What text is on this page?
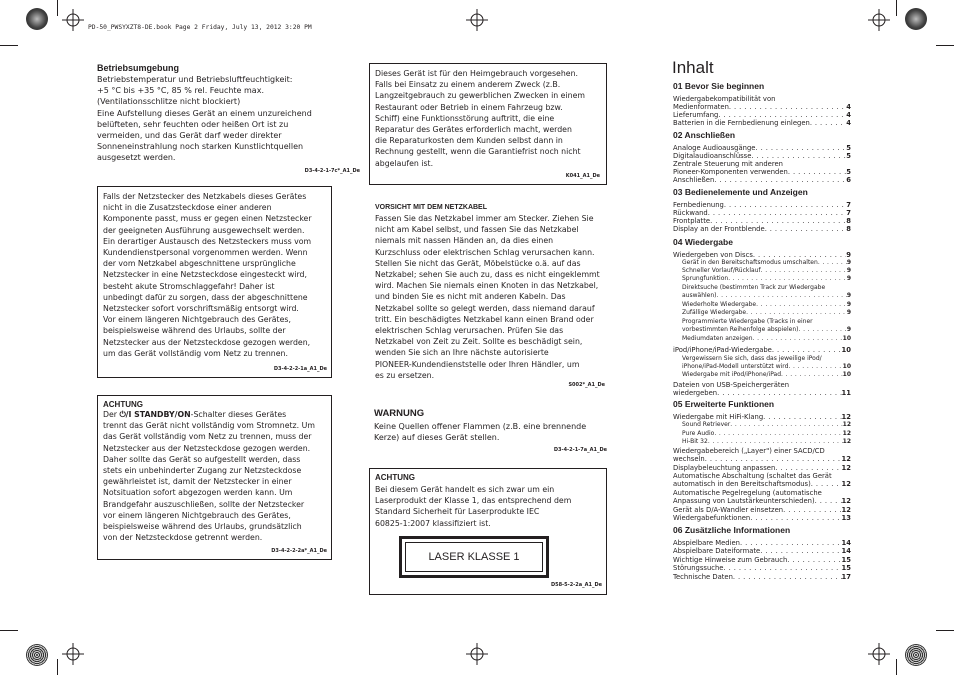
PD-50_PWSYXZT8-DE.book Page 2 Friday, July 13, 2012 3:20 PM
Betriebsumgebung
Betriebstemperatur und Betriebsluftfeuchtigkeit:
+5 °C bis +35 °C, 85 % rel. Feuchte max.
(Ventilationsschlitze nicht blockiert)
Eine Aufstellung dieses Gerät an einem unzureichend
belüfteten, sehr feuchten oder heißen Ort ist zu
vermeiden, und das Gerät darf weder direkter
Sonneneinstrahlung noch starken Kunstlichtquellen
ausgesetzt werden.
D3-4-2-1-7c*_A1_De
Falls der Netzstecker des Netzkabels dieses Gerätes
nicht in die Zusatzsteckdose einer anderen
Komponente passt, muss er gegen einen Netzstecker
der geeigneten Ausführung ausgewechselt werden.
Ein derartiger Austausch des Netzsteckers muss vom
Kundendienstpersonal vorgenommen werden. Wenn
der vom Netzkabel abgeschnittene ursprüngliche
Netzstecker in eine Netzsteckdose eingesteckt wird,
besteht akute Stromschlaggefahr! Daher ist
unbedingt dafür zu sorgen, dass der abgeschnittene
Netzstecker sofort vorschriftsmäßig entsorgt wird.
Vor einem längeren Nichtgebrauch des Gerätes,
beispielsweise während des Urlaubs, sollte der
Netzstecker aus der Netzsteckdose gezogen werden,
um das Gerät vollständig vom Netz zu trennen.
D3-4-2-2-1a_A1_De
ACHTUNG
Der ⏻/I STANDBY/ON-Schalter dieses Gerätes
trennt das Gerät nicht vollständig vom Stromnetz. Um
das Gerät vollständig vom Netz zu trennen, muss der
Netzstecker aus der Netzsteckdose gezogen werden.
Daher sollte das Gerät so aufgestellt werden, dass
stets ein unbehinderter Zugang zur Netzsteckdose
gewährleistet ist, damit der Netzstecker in einer
Notsituation sofort abgezogen werden kann. Um
Brandgefahr auszuschließen, sollte der Netzstecker
vor einem längeren Nichtgebrauch des Gerätes,
beispielsweise während des Urlaubs, grundsätzlich
von der Netzsteckdose getrennt werden.
D3-4-2-2-2a*_A1_De
Dieses Gerät ist für den Heimgebrauch vorgesehen.
Falls bei Einsatz zu einem anderem Zweck (z.B.
Langzeitgebrauch zu gewerblichen Zwecken in einem
Restaurant oder Betrieb in einem Fahrzeug bzw.
Schiff) eine Funktionsstörung auftritt, die eine
Reparatur des Gerätes erforderlich macht, werden
die Reparaturkosten dem Kunden selbst dann in
Rechnung gestellt, wenn die Garantiefrist noch nicht
abgelaufen ist.
K041_A1_De
VORSICHT MIT DEM NETZKABEL
Fassen Sie das Netzkabel immer am Stecker. Ziehen Sie
nicht am Kabel selbst, und fassen Sie das Netzkabel
niemals mit nassen Händen an, da dies einen
Kurzschluss oder elektrischen Schlag verursachen kann.
Stellen Sie nicht das Gerät, Möbelstücke o.ä. auf das
Netzkabel; sehen Sie auch zu, dass es nicht eingeklemmt
wird. Machen Sie niemals einen Knoten in das Netzkabel,
und binden Sie es nicht mit anderen Kabeln. Das
Netzkabel sollte so gelegt werden, dass niemand darauf
tritt. Ein beschädigtes Netzkabel kann einen Brand oder
elektrischen Schlag verursachen. Prüfen Sie das
Netzkabel von Zeit zu Zeit. Sollte es beschädigt sein,
wenden Sie sich an Ihre nächste autorisierte
PIONEER-Kundendienststelle oder Ihren Händler, um
es zu ersetzen.
S002*_A1_De
WARNUNG
Keine Quellen offener Flammen (z.B. eine brennende
Kerze) auf dieses Gerät stellen.
D3-4-2-1-7a_A1_De
ACHTUNG
Bei diesem Gerät handelt es sich zwar um ein
Laserprodukt der Klasse 1, das entsprechend dem
Standard Sicherheit für Laserprodukte IEC
60825-1:2007 klassifiziert ist.
LASER KLASSE 1
D58-5-2-2a_A1_De
Inhalt
01 Bevor Sie beginnen
Wiedergabekompatibilität von
Medienformaten . . .	4
Lieferumfang . . .	4
Batterien in die Fernbedienung einlegen . . .	4
02 Anschließen
Analoge Audioausgänge . . .	5
Digitalaudioanschlüsse . . .	5
Zentrale Steuerung mit anderen
Pioneer-Komponenten verwenden . . .	5
Anschließen . . .	6
03 Bedienelemente und Anzeigen
Fernbedienung . . .	7
Rückwand . . .	7
Frontplatte . . .	8
Display an der Frontblende . . .	8
04 Wiedergabe
Wiedergeben von Discs . . .	9
Gerät in den Bereitschaftsmodus umschalten . . .	9
Schneller Vorlauf/Rücklauf . . .	9
Sprungfunktion . . .	9
Direktsuche (bestimmten Track zur Wiedergabe
auswählen) . . .	9
Wiederholte Wiedergabe . . .	9
Zufällige Wiedergabe . . .	9
Programmierte Wiedergabe (Tracks in einer
vorbestimmten Reihenfolge abspielen) . . .	9
Mediumdaten anzeigen . . .	10
iPod/iPhone/iPad-Wiedergabe . . .	10
Vergewissern Sie sich, dass das jeweilige iPod/
iPhone/iPad-Modell unterstützt wird . . .	10
Wiedergabe mit iPod/iPhone/iPad . . .	10
Dateien von USB-Speichergeräten
wiedergeben . . .	11
05 Erweiterte Funktionen
Wiedergabe mit HiFi-Klang . . .	12
Sound Retriever . . .	12
Pure Audio . . .	12
Hi-Bit 32 . . .	12
Wiedergabebereich („Layer") einer SACD/CD
wechseln . . .	12
Displaybeleuchtung anpassen . . .	12
Automatische Abschaltung (schaltet das Gerät
automatisch in den Bereitschaftsmodus) . . .	12
Automatische Pegelregelung (automatische
Anpassung von Lautstärkeunterschieden) . . .	12
Gerät als D/A-Wandler einsetzen . . .	12
Wiedergabefunktionen . . .	13
06 Zusätzliche Informationen
Abspielbare Medien . . .	14
Abspielbare Dateiformate . . .	14
Wichtige Hinweise zum Gebrauch . . .	15
Störungssuche . . .	15
Technische Daten . . .	17
